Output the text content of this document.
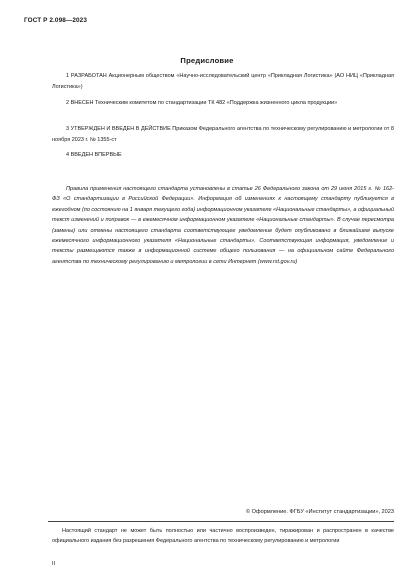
ГОСТ Р 2.098—2023
Предисловие

1 РАЗРАБОТАН Акционерным обществом «Научно-исследовательский центр «Прикладная Логистика» (АО НИЦ «Прикладная Логистика»)

2 ВНЕСЕН Техническим комитетом по стандартизации ТК 482 «Поддержка жизненного цикла продукции»

3 УТВЕРЖДЕН И ВВЕДЕН В ДЕЙСТВИЕ Приказом Федерального агентства по техническому регулированию и метрологии от 8 ноября 2023 г. № 1355-ст

4 ВВЕДЕН ВПЕРВЫЕ

Правила применения настоящего стандарта установлены в статье 26 Федерального закона от 29 июня 2015 г. № 162-ФЗ «О стандартизации в Российской Федерации». Информация об изменениях к настоящему стандарту публикуется в ежегодном (по состоянию на 1 января текущего года) информационном указателе «Национальные стандарты», а официальный текст изменений и поправок — в ежемесячном информационном указателе «Национальные стандарты». В случае пересмотра (замены) или отмены настоящего стандарта соответствующее уведомление будет опубликовано в ближайшем выпуске ежемесячного информационного указателя «Национальные стандарты». Соответствующая информация, уведомление и тексты размещаются также в информационной системе общего пользования — на официальном сайте Федерального агентства по техническому регулированию и метрологии в сети Интернет (www.rst.gov.ru)

© Оформление. ФГБУ «Институт стандартизации», 2023

Настоящий стандарт не может быть полностью или частично воспроизведен, тиражирован и распространен в качестве официального издания без разрешения Федерального агентства по техническому регулированию и метрологии

II
